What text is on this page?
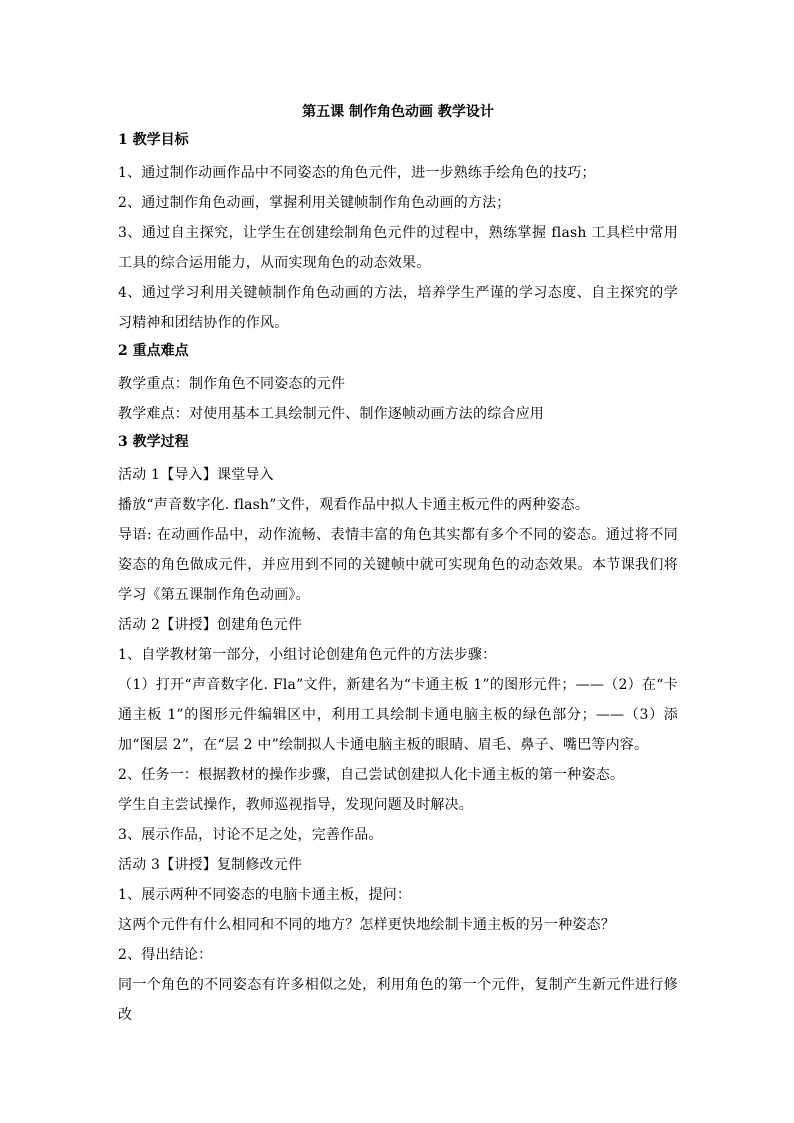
第五课 制作角色动画 教学设计
1 教学目标

1、通过制作动画作品中不同姿态的角色元件，进一步熟练手绘角色的技巧；

2、通过制作角色动画，掌握利用关键帧制作角色动画的方法；

3、通过自主探究，让学生在创建绘制角色元件的过程中，熟练掌握 flash 工具栏中常用工具的综合运用能力，从而实现角色的动态效果。

4、通过学习利用关键帧制作角色动画的方法，培养学生严谨的学习态度、自主探究的学习精神和团结协作的作风。

2 重点难点

教学重点：制作角色不同姿态的元件

教学难点：对使用基本工具绘制元件、制作逐帧动画方法的综合应用

3 教学过程

活动 1【导入】课堂导入

播放“声音数字化. flash”文件，观看作品中拟人卡通主板元件的两种姿态。

导语: 在动画作品中，动作流畅、表情丰富的角色其实都有多个不同的姿态。通过将不同姿态的角色做成元件，并应用到不同的关键帧中就可实现角色的动态效果。本节课我们将学习《第五课制作角色动画》。

活动 2【讲授】创建角色元件

1、自学教材第一部分，小组讨论创建角色元件的方法步骤：

（1）打开“声音数字化. Fla”文件，新建名为“卡通主板 1”的图形元件；——（2）在“卡通主板 1”的图形元件编辑区中，利用工具绘制卡通电脑主板的绿色部分；——（3）添加“图层 2”，在“层 2 中”绘制拟人卡通电脑主板的眼睛、眉毛、鼻子、嘴巴等内容。

2、任务一：根据教材的操作步骤，自己尝试创建拟人化卡通主板的第一种姿态。

学生自主尝试操作，教师巡视指导，发现问题及时解决。

3、展示作品，讨论不足之处，完善作品。

活动 3【讲授】复制修改元件

1、展示两种不同姿态的电脑卡通主板，提问：

这两个元件有什么相同和不同的地方？怎样更快地绘制卡通主板的另一种姿态？

2、得出结论：

同一个角色的不同姿态有许多相似之处，利用角色的第一个元件，复制产生新元件进行修改
